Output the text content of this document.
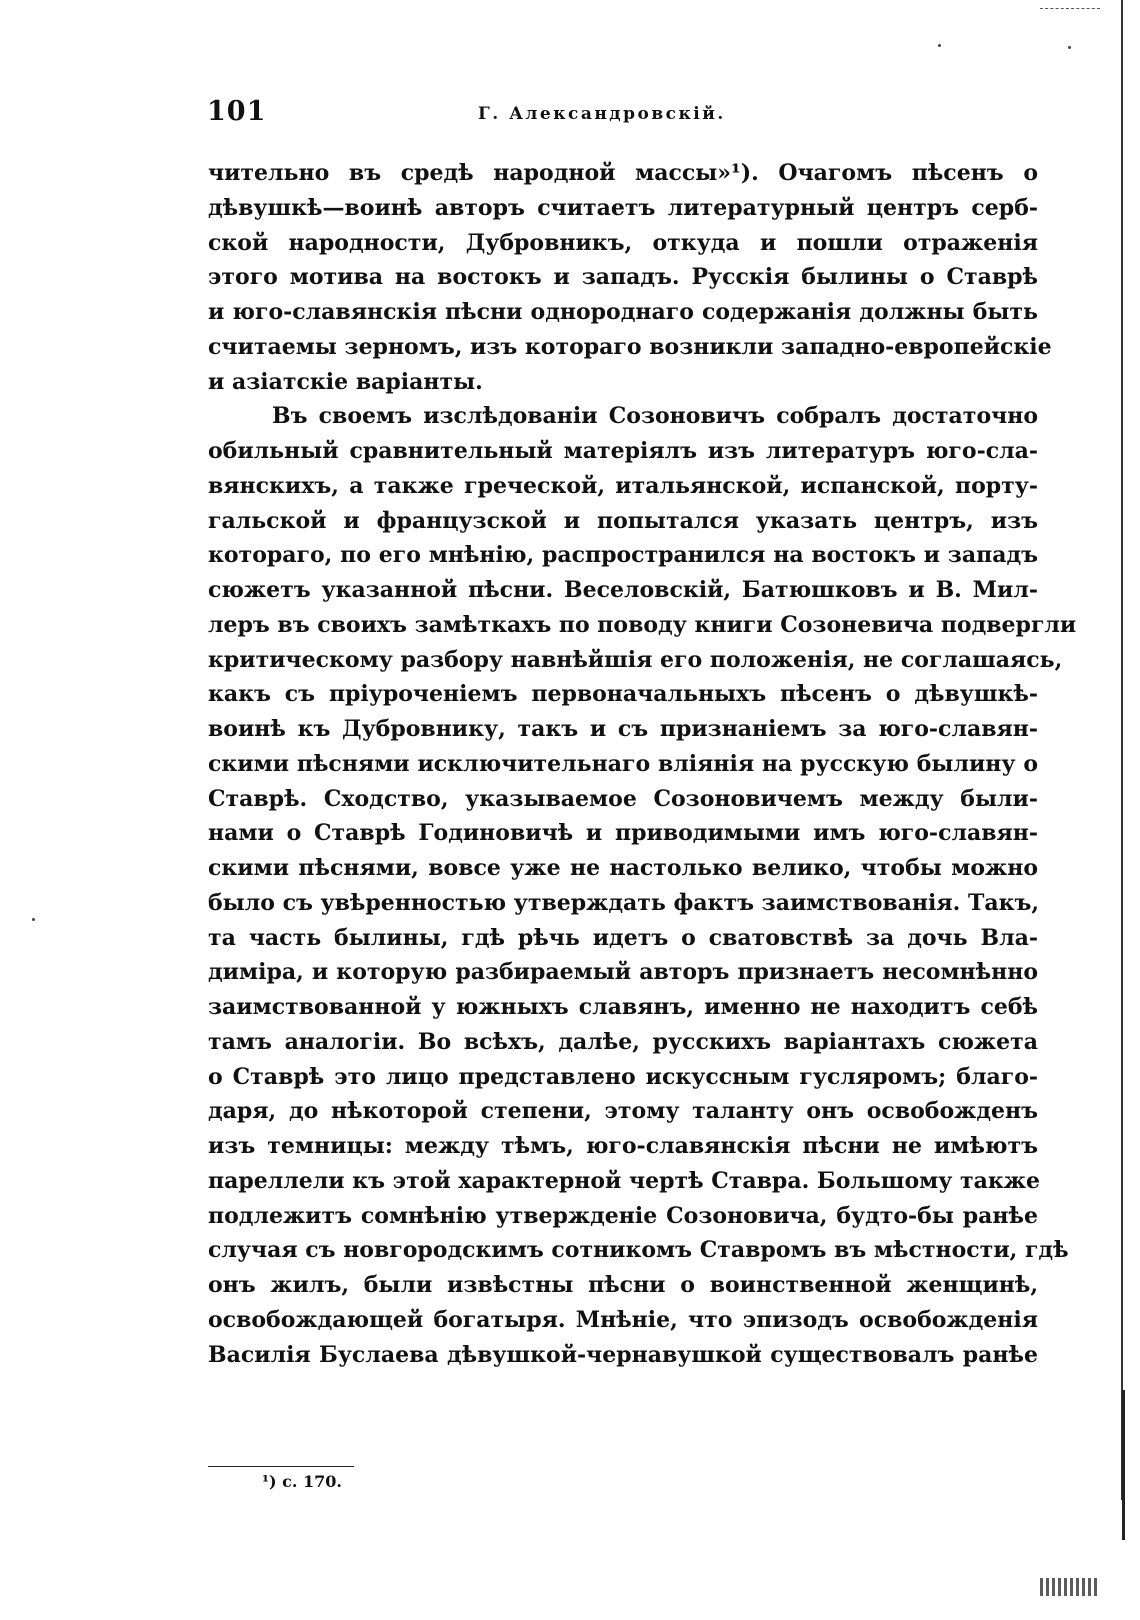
101	Г. Александровскій.
чительно въ средѣ народной массы»¹). Очагомъ пѣсенъ о
дѣвушкѣ—воинѣ авторъ считаетъ литературный центръ серб-
ской народности, Дубровникъ, откуда и пошли отраженія
этого мотива на востокъ и западъ. Русскія былины о Ставрѣ
и юго-славянскія пѣсни однороднаго содержанія должны быть
считаемы зерномъ, изъ котораго возникли западно-европейскіе
и азіатскіе варіанты.
Въ своемъ изслѣдованіи Созоновичъ собралъ достаточно
обильный сравнительный матеріялъ изъ литературъ юго-сла-
вянскихъ, а также греческой, итальянской, испанской, порту-
гальской и французской и попытался указать центръ, изъ
котораго, по его мнѣнію, распространился на востокъ и западъ
сюжетъ указанной пѣсни. Веселовскій, Батюшковъ и В. Мил-
леръ въ своихъ замѣткахъ по поводу книги Созоневича подвергли
критическому разбору навнѣйшія его положенія, не соглашаясь,
какъ съ пріуроченіемъ первоначальныхъ пѣсенъ о дѣвушкѣ-
воинѣ къ Дубровнику, такъ и съ признаніемъ за юго-славян-
скими пѣснями исключительнаго вліянія на русскую былину о
Ставрѣ. Сходство, указываемое Созоновичемъ между были-
нами о Ставрѣ Годиновичѣ и приводимыми имъ юго-славян-
скими пѣснями, вовсе уже не настолько велико, чтобы можно
было съ увѣренностью утверждать фактъ заимствованія. Такъ,
та часть былины, гдѣ рѣчь идетъ о сватовствѣ за дочь Вла-
диміра, и которую разбираемый авторъ признаетъ несомнѣнно
заимствованной у южныхъ славянъ, именно не находитъ себѣ
тамъ аналогіи. Во всѣхъ, далѣе, русскихъ варіантахъ сюжета
о Ставрѣ это лицо представлено искуссным гусляромъ; благо-
даря, до нѣкоторой степени, этому таланту онъ освобожденъ
изъ темницы: между тѣмъ, юго-славянскія пѣсни не имѣютъ
пареллели къ этой характерной чертѣ Ставра. Большому также
подлежитъ сомнѣнію утвержденіе Созоновича, будто-бы ранѣе
случая съ новгородскимъ сотникомъ Ставромъ въ мѣстности, гдѣ
онъ жилъ, были извѣстны пѣсни о воинственной женщинѣ,
освобождающей богатыря. Мнѣніе, что эпизодъ освобожденія
Василія Буслаева дѣвушкой-чернавушкой существовалъ ранѣе
¹) с. 170.
